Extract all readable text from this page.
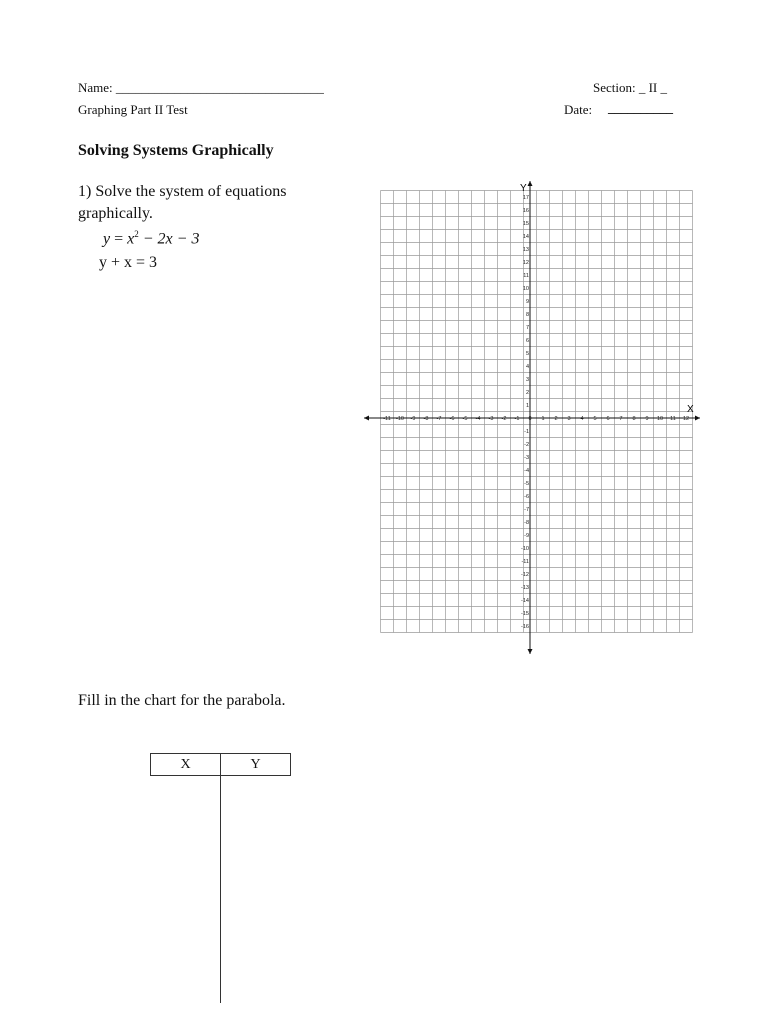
Name: ________________________________	Section: _ II _
Graphing Part II Test	Date: __________
Solving Systems Graphically
1) Solve the system of equations
graphically.
$y = x^2 - 2x - 3$
y + x = 3
-11 -10 -9 -8 -7 -6 -5 -4 -3 -2 -1 0 1 2 3 4 5 6 7 8 9 10 11 12
-16
-15
-14
-13
-12
-11
-10
-9
-8
-7
-6
-5
-4
-3
-2
-1
1
2
3
4
5
6
7
8
9
10
11
12
13
14
15
16
17
X
Y
Fill in the chart for the parabola.
X	Y
